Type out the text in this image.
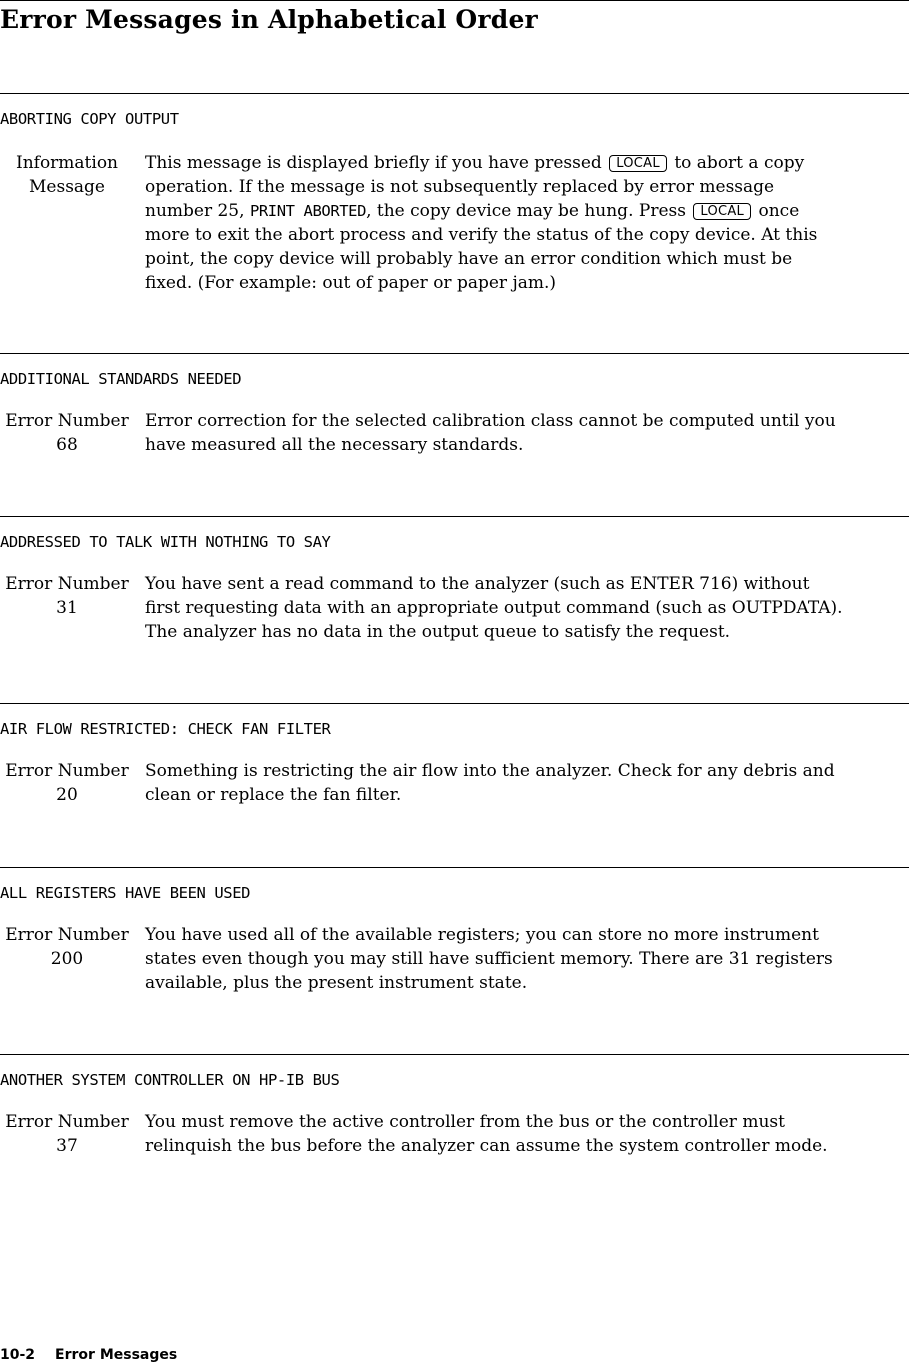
Error Messages in Alphabetical Order
ABORTING COPY OUTPUT
Information
Message
This message is displayed briefly if you have pressed LOCAL to abort a copy
operation. If the message is not subsequently replaced by error message
number 25, PRINT ABORTED, the copy device may be hung. Press LOCAL once
more to exit the abort process and verify the status of the copy device. At this
point, the copy device will probably have an error condition which must be
fixed. (For example: out of paper or paper jam.)
ADDITIONAL STANDARDS NEEDED
Error Number
68
Error correction for the selected calibration class cannot be computed until you
have measured all the necessary standards.
ADDRESSED TO TALK WITH NOTHING TO SAY
Error Number
31
You have sent a read command to the analyzer (such as ENTER 716) without
first requesting data with an appropriate output command (such as OUTPDATA).
The analyzer has no data in the output queue to satisfy the request.
AIR FLOW RESTRICTED: CHECK FAN FILTER
Error Number
20
Something is restricting the air flow into the analyzer. Check for any debris and
clean or replace the fan filter.
ALL REGISTERS HAVE BEEN USED
Error Number
200
You have used all of the available registers; you can store no more instrument
states even though you may still have sufficient memory. There are 31 registers
available, plus the present instrument state.
ANOTHER SYSTEM CONTROLLER ON HP-IB BUS
Error Number
37
You must remove the active controller from the bus or the controller must
relinquish the bus before the analyzer can assume the system controller mode.
10-2 Error Messages
